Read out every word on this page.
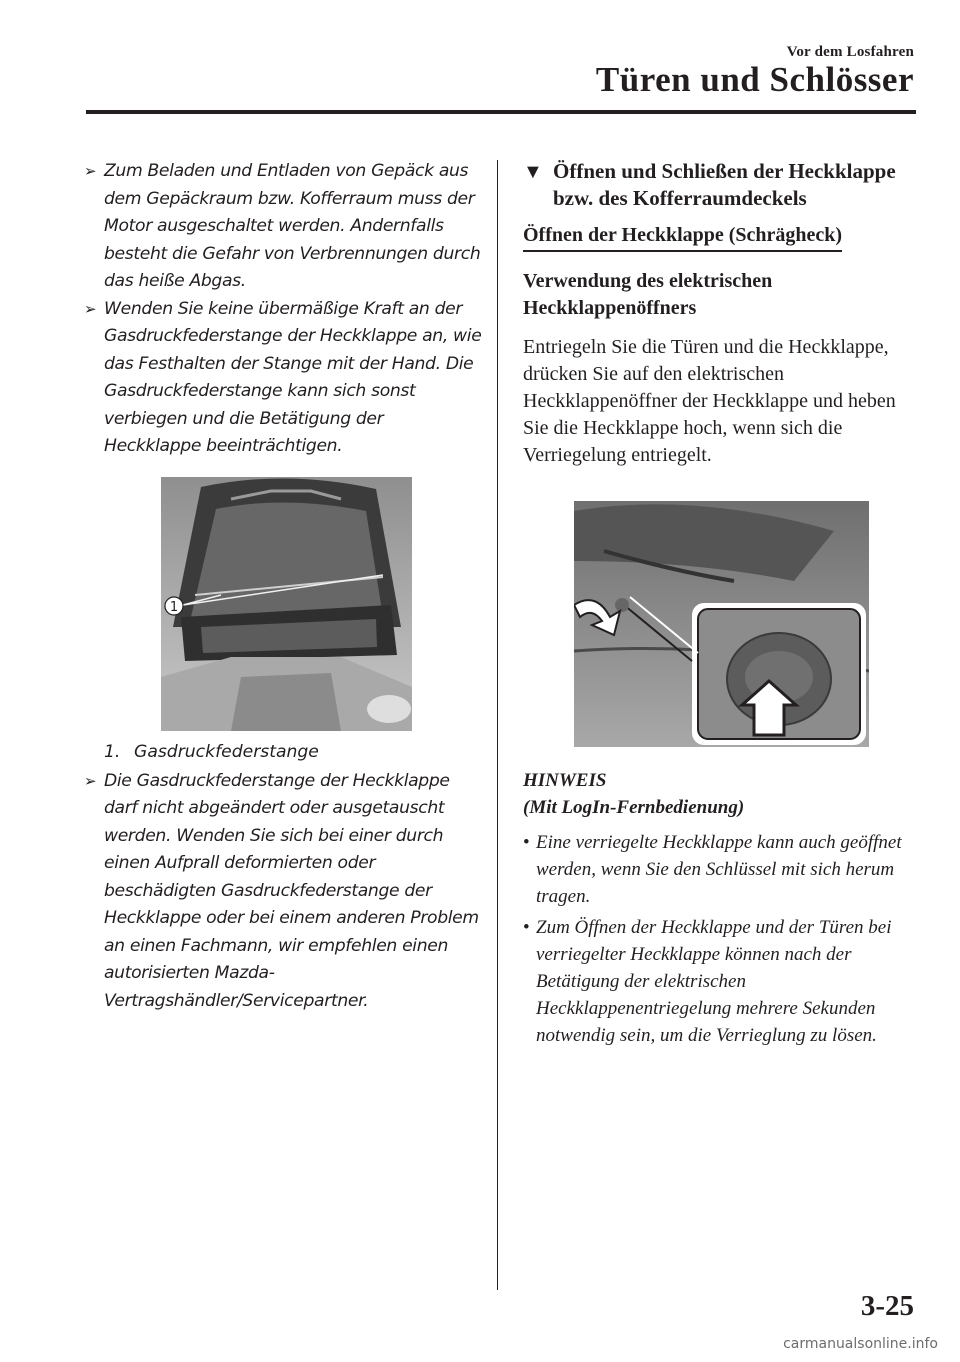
Vor dem Losfahren
Türen und Schlösser
➢ Zum Beladen und Entladen von Gepäck aus dem Gepäckraum bzw. Kofferraum muss der Motor ausgeschaltet werden. Andernfalls besteht die Gefahr von Verbrennungen durch das heiße Abgas.
➢ Wenden Sie keine übermäßige Kraft an der Gasdruckfederstange der Heckklappe an, wie das Festhalten der Stange mit der Hand. Die Gasdruckfederstange kann sich sonst verbiegen und die Betätigung der Heckklappe beeinträchtigen.
1
1. Gasdruckfederstange
➢ Die Gasdruckfederstange der Heckklappe darf nicht abgeändert oder ausgetauscht werden. Wenden Sie sich bei einer durch einen Aufprall deformierten oder beschädigten Gasdruckfederstange der Heckklappe oder bei einem anderen Problem an einen Fachmann, wir empfehlen einen autorisierten Mazda-Vertragshändler/Servicepartner.
▼ Öffnen und Schließen der Heckklappe bzw. des Kofferraumdeckels
Öffnen der Heckklappe (Schrägheck)
Verwendung des elektrischen Heckklappenöffners
Entriegeln Sie die Türen und die Heckklappe, drücken Sie auf den elektrischen Heckklappenöffner der Heckklappe und heben Sie die Heckklappe hoch, wenn sich die Verriegelung entriegelt.
HINWEIS
(Mit LogIn-Fernbedienung)
• Eine verriegelte Heckklappe kann auch geöffnet werden, wenn Sie den Schlüssel mit sich herum tragen.
• Zum Öffnen der Heckklappe und der Türen bei verriegelter Heckklappe können nach der Betätigung der elektrischen Heckklappenentriegelung mehrere Sekunden notwendig sein, um die Verrieglung zu lösen.
3-25
carmanualsonline.info
